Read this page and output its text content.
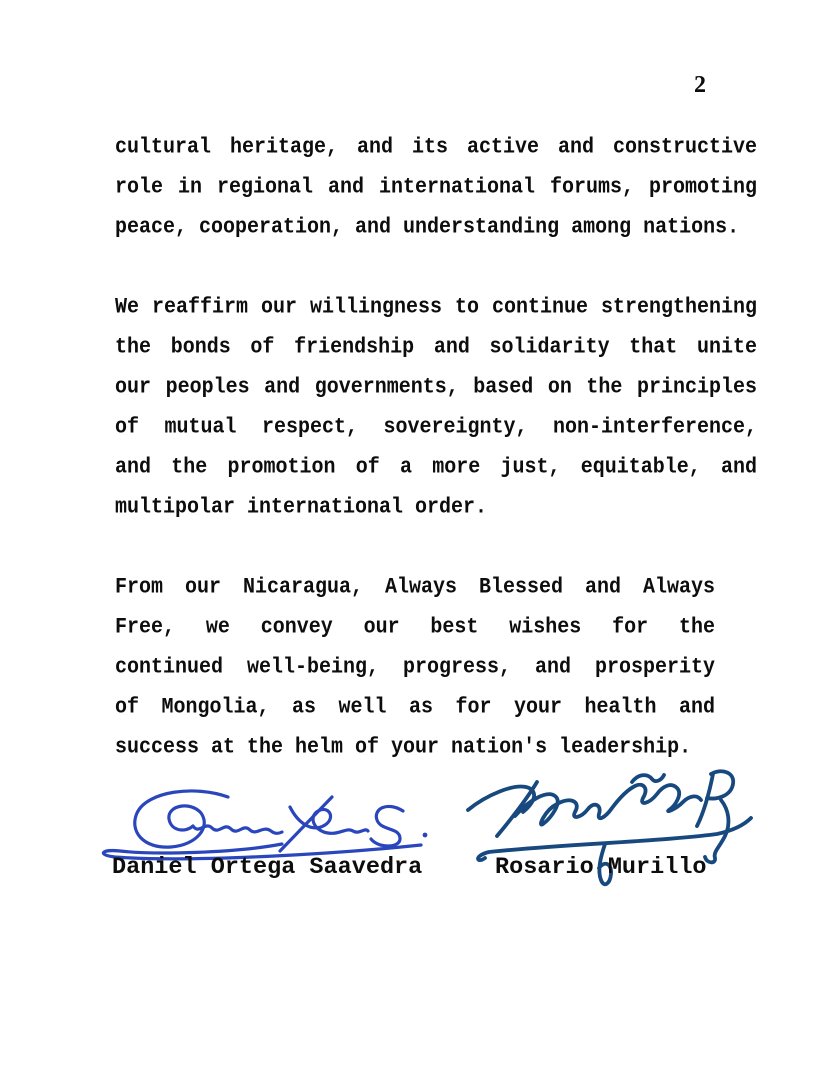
2
cultural heritage, and its active and constructive
role in regional and international forums, promoting
peace, cooperation, and understanding among nations.
We reaffirm our willingness to continue strengthening
the bonds of friendship and solidarity that unite
our peoples and governments, based on the principles
of mutual respect, sovereignty, non-interference,
and the promotion of a more just, equitable, and
multipolar international order.
From our Nicaragua, Always Blessed and Always
Free, we convey our best wishes for the
continued well-being, progress, and prosperity
of Mongolia, as well as for your health and
success at the helm of your nation's leadership.
Daniel Ortega Saavedra	Rosario Murillo
